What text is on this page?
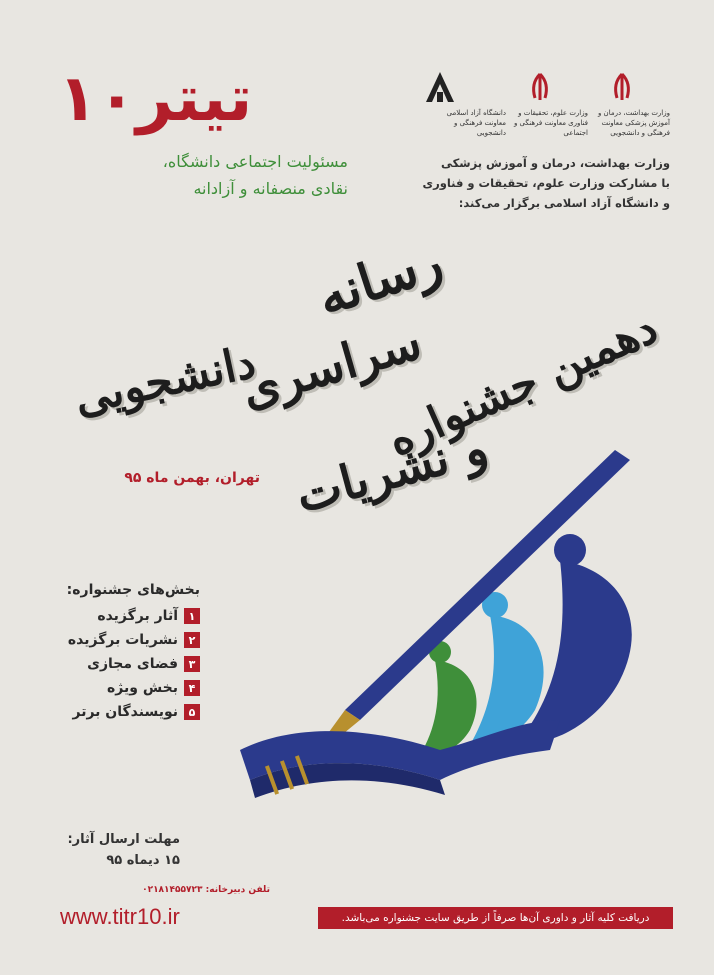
تیتر۱۰
مسئولیت اجتماعی دانشگاه،
نقادی منصفانه و آزادانه
دانشگاه آزاد اسلامی معاونت فرهنگی و دانشجویی
وزارت علوم، تحقیقات و فناوری معاونت فرهنگی و اجتماعی
وزارت بهداشت، درمان و آموزش پزشکی معاونت فرهنگی و دانشجویی
وزارت بهداشت، درمان و آموزش پزشکی
با مشارکت وزارت علوم، تحقیقات و فناوری
و دانشگاه آزاد اسلامی برگزار می‌کند:
رسانه
سراسری
دانشجویی	دهمین جشنواره
و نشریات
تهران، بهمن ماه ۹۵
بخش‌های جشنواره:
۱
آثار برگزیده
۲
نشریات برگزیده
۳
فضای مجازی
۴
بخش ویژه
۵
نویسندگان برتر
مهلت ارسال آثار:
۱۵ دیماه ۹۵
تلفن دبیرخانه: ۰۲۱۸۱۴۵۵۷۲۳
www.titr10.ir	دریافت کلیه آثار و داوری آن‌ها صرفاً از طریق سایت جشنواره می‌باشد.
